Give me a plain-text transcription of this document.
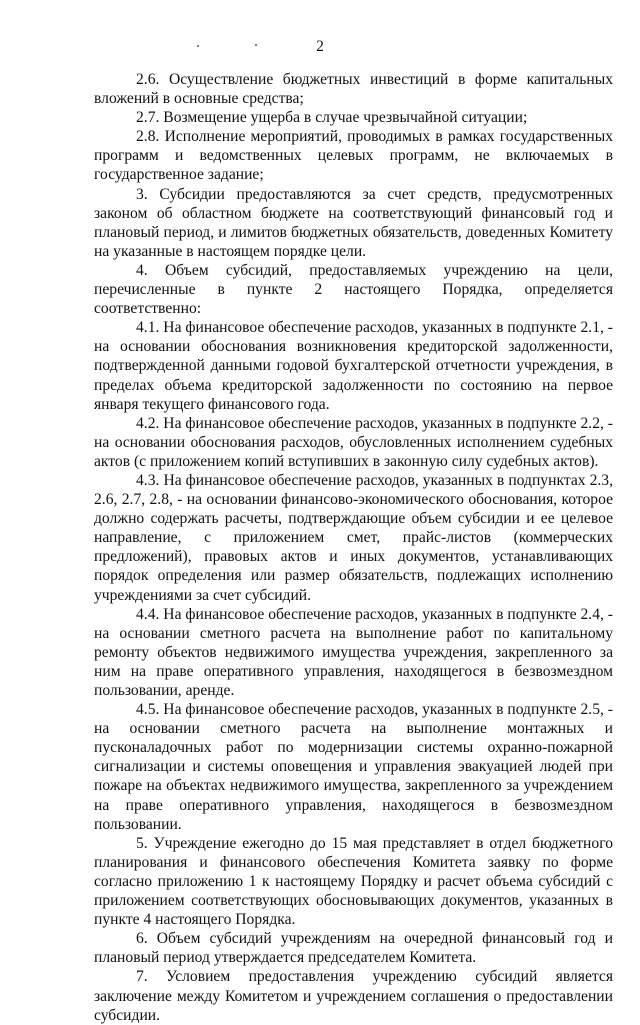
2

2.6. Осуществление бюджетных инвестиций в форме капитальных вложений в основные средства;

2.7. Возмещение ущерба в случае чрезвычайной ситуации;

2.8. Исполнение мероприятий, проводимых в рамках государственных программ и ведомственных целевых программ, не включаемых в государственное задание;

3. Субсидии предоставляются за счет средств, предусмотренных законом об областном бюджете на соответствующий финансовый год и плановый период, и лимитов бюджетных обязательств, доведенных Комитету на указанные в настоящем порядке цели.

4. Объем субсидий, предоставляемых учреждению на цели, перечисленные в пункте 2 настоящего Порядка, определяется соответственно:

4.1. На финансовое обеспечение расходов, указанных в подпункте 2.1, - на основании обоснования возникновения кредиторской задолженности, подтвержденной данными годовой бухгалтерской отчетности учреждения, в пределах объема кредиторской задолженности по состоянию на первое января текущего финансового года.

4.2. На финансовое обеспечение расходов, указанных в подпункте 2.2, - на основании обоснования расходов, обусловленных исполнением судебных актов (с приложением копий вступивших в законную силу судебных актов).

4.3. На финансовое обеспечение расходов, указанных в подпунктах 2.3, 2.6, 2.7, 2.8, - на основании финансово-экономического обоснования, которое должно содержать расчеты, подтверждающие объем субсидии и ее целевое направление, с приложением смет, прайс-листов (коммерческих предложений), правовых актов и иных документов, устанавливающих порядок определения или размер обязательств, подлежащих исполнению учреждениями за счет субсидий.

4.4. На финансовое обеспечение расходов, указанных в подпункте 2.4, - на основании сметного расчета на выполнение работ по капитальному ремонту объектов недвижимого имущества учреждения, закрепленного за ним на праве оперативного управления, находящегося в безвозмездном пользовании, аренде.

4.5. На финансовое обеспечение расходов, указанных в подпункте 2.5, - на основании сметного расчета на выполнение монтажных и пусконаладочных работ по модернизации системы охранно-пожарной сигнализации и системы оповещения и управления эвакуацией людей при пожаре на объектах недвижимого имущества, закрепленного за учреждением на праве оперативного управления, находящегося в безвозмездном пользовании.

5. Учреждение ежегодно до 15 мая представляет в отдел бюджетного планирования и финансового обеспечения Комитета заявку по форме согласно приложению 1 к настоящему Порядку и расчет объема субсидий с приложением соответствующих обосновывающих документов, указанных в пункте 4 настоящего Порядка.

6. Объем субсидий учреждениям на очередной финансовый год и плановый период утверждается председателем Комитета.

7. Условием предоставления учреждению субсидий является заключение между Комитетом и учреждением соглашения о предоставлении субсидии.
